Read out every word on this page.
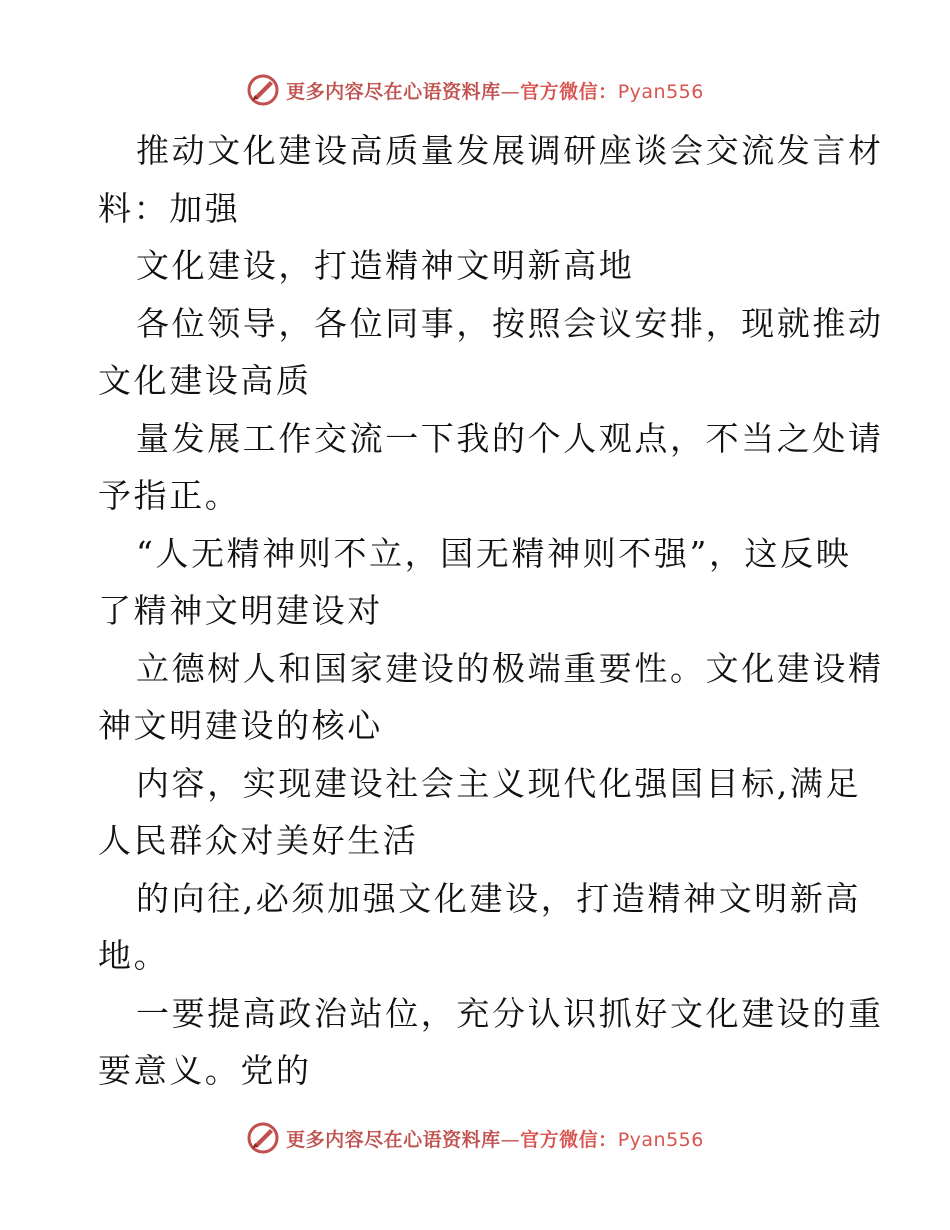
更多内容尽在心语资料库—官方微信：Pyan556
推动文化建设高质量发展调研座谈会交流发言材
料：加强
文化建设，打造精神文明新高地
各位领导，各位同事，按照会议安排，现就推动
文化建设高质
量发展工作交流一下我的个人观点，不当之处请
予指正。
“人无精神则不立，国无精神则不强”，这反映
了精神文明建设对
立德树人和国家建设的极端重要性。文化建设精
神文明建设的核心
内容，实现建设社会主义现代化强国目标,满足
人民群众对美好生活
的向往,必须加强文化建设，打造精神文明新高
地。
一要提高政治站位，充分认识抓好文化建设的重
要意义。党的
更多内容尽在心语资料库—官方微信：Pyan556
